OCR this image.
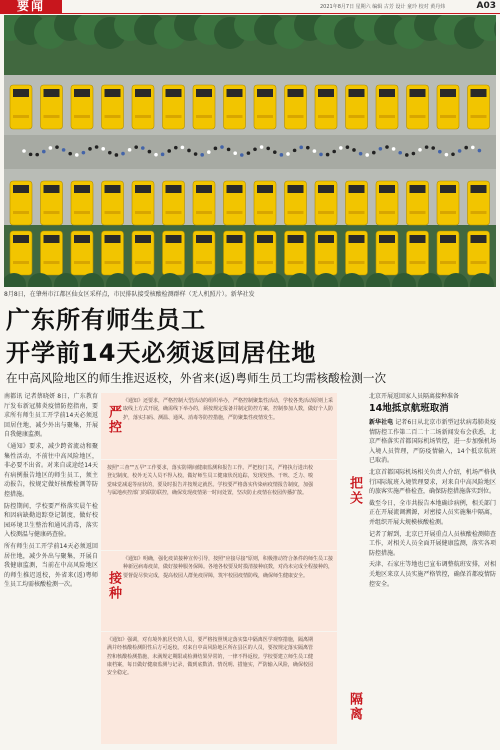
要闻	2021年8月7日 星期六 编辑 古芳 设计 童玲 校对 黄丹炜	A03
8月8日，在肇州市江都区仙女区采样点，市民排队接受核酸检测群样（无人机照片）。新华社发
广东所有师生员工
开学前14天必须返回居住地
在中高风险地区的师生推迟返校，外省来(返)粤师生员工均需核酸检测一次

南都讯 记者蔡晓妍 8日，广东教育厅发布新冠肺炎疫情防控指南，要求所有师生员工开学前14天必须返回居住地，减少外出与聚集，开展自我健康监测。

《通知》要求，减少跨省流动和聚集性活动，不前往中高风险地区，非必要不出省。对来自或途经14天有病例报告地区的师生员工，须主动报告，按规定做好核酸检测等防控措施。

防控期间，学校要严格落实晨午检和因病缺勤追踪登记制度，做好校园环境卫生整治和通风消毒，落实入校测温与健康码查验。

所有师生员工开学前14天必须返回居住地，减少外出与聚集，开展自我健康监测，当前在中高风险地区的师生推迟返校，外省来(返)粤师生员工均需核酸检测一次。

严控
《通知》还要求，严格控制大型活动的组织举办，严格控制聚集性活动，学校各类活动原则上采取线上方式开展，确需线下举办的，须按规定报备并制定防控方案，控制参加人数，做好个人防护，落实扫码、测温、通风、消毒等防控措施，严防聚集性疫情发生。
把关
按照"三查""五早"工作要求，落实防期间健康监测和报告工作。严把校门关，严格执行进出校登记制度，校外无关人员不得入校。做好师生员工健康状况追踪，发现发热、干咳、乏力、嗅觉味觉减退等症状的，要及时报告并按规定就医。学校要严格落实传染病疫情报告制度，加强与属地疾控部门的联防联控，确保发现疫情第一时间处置，坚决防止疫情在校园传播扩散。
接种
《通知》明确，强化疫苗接种宣传引导，按照"应接尽接"原则，积极推动符合条件的师生员工接种新冠病毒疫苗，做好接种服务保障。各地各校要及时摸清接种底数，对尚未完成全程接种的，要督促尽快完成，提高校园人群免疫屏障，筑牢校园疫情防线，确保师生健康安全。
隔离
《通知》强调，对有境外旅居史的人员，要严格按照规定落实集中隔离医学观察措施，隔离期满并经核酸检测阴性后方可返校。对来自中高风险地区所在县区的人员，要按规定落实隔离管控和核酸检测措施，未满规定期限或检测结果异常的，一律不得返校。学校要建立师生员工健康档案，每日做好健康监测与记录，做到底数清、情况明、措施实，严防输入风险，确保校园安全稳定。
北京开展返回家人员隔离接种准备
14地抵京航班取消

新华社电 记者6日从北京市新型冠状病毒肺炎疫情防控工作第二百二十二场新闻发布会获悉，北京严格落实首都国际机场管控，进一步加强机场入境人员管理，严防疫情输入，14个抵京航班已取消。

北京首都国际机场相关负责人介绍，机场严格执行国际航班入境管理要求，对来自中高风险地区的旅客实施严格检查，确保防控措施落实到位。

截至今日，全市共报告本地确诊病例，相关部门正在开展流调溯源，对密接人员实施集中隔离，并组织开展大规模核酸检测。

记者了解到，北京已开展重点人员核酸检测筛查工作，对相关人员全面开展健康监测，落实各项防控措施。

天津、石家庄等地也已宣布调整航班安排，对相关地区来京人员实施严格管控，确保首都疫情防控安全。
